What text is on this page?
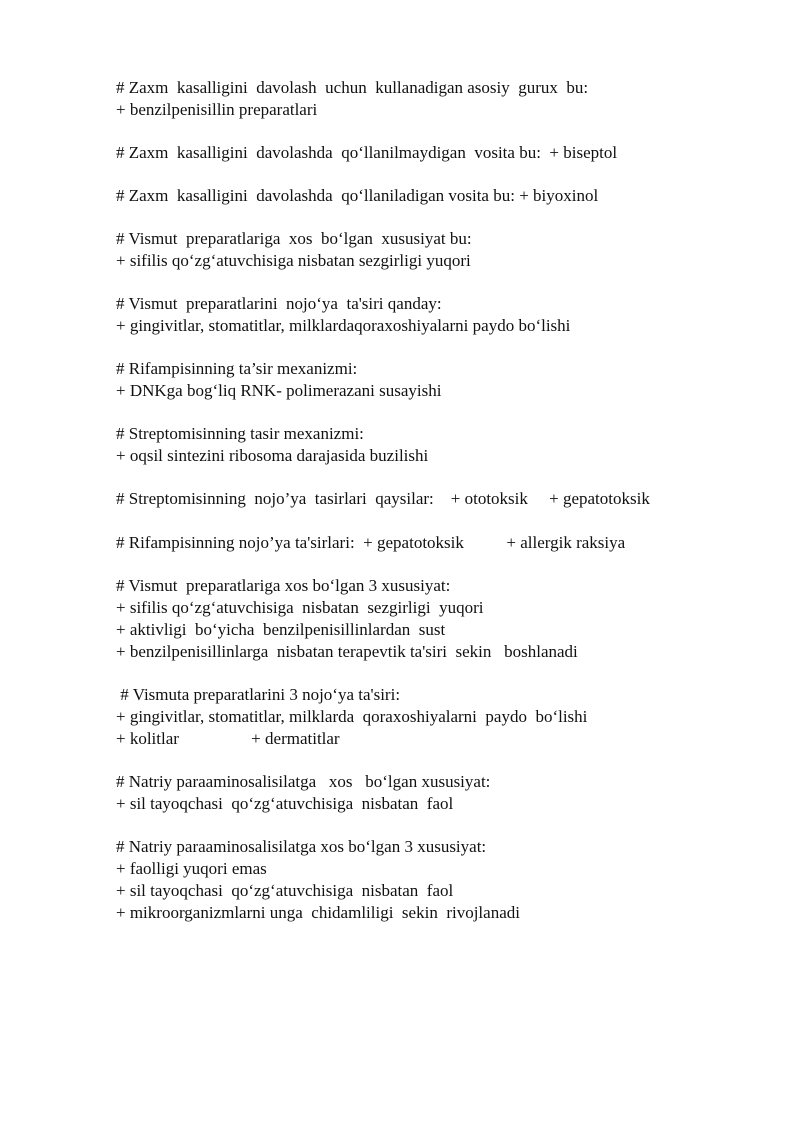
# Zaxm  kasalligini  davolash  uchun  kullanadigan asosiy  gurux  bu:
+ benzilpenisillin preparatlari
# Zaxm  kasalligini  davolashda  qo‘llanilmaydigan  vosita bu:  + biseptol
# Zaxm  kasalligini  davolashda  qo‘llaniladigan vosita bu: + biyoxinol
# Vismut  preparatlariga  xos  bo‘lgan  xususiyat bu:
+ sifilis qo‘zg‘atuvchisiga nisbatan sezgirligi yuqori
# Vismut  preparatlarini  nojo‘ya  ta'siri qanday:
+ gingivitlar, stomatitlar, milklardaqoraxoshiyalarni paydo bo‘lishi
# Rifampisinning ta’sir mexanizmi:
+ DNKga bog‘liq RNK- polimerazani susayishi
# Streptomisinning tasir mexanizmi:
+ oqsil sintezini ribosoma darajasida buzilishi
# Streptomisinning  nojo’ya  tasirlari  qaysilar:    + ototoksik     + gepatotoksik
# Rifampisinning nojo’ya ta'sirlari:  + gepatotoksik          + allergik raksiya
# Vismut  preparatlariga xos bo‘lgan 3 xususiyat:
+ sifilis qo‘zg‘atuvchisiga  nisbatan  sezgirligi  yuqori
+ aktivligi  bo‘yicha  benzilpenisillinlardan  sust
+ benzilpenisillinlarga  nisbatan terapevtik ta'siri  sekin   boshlanadi
# Vismuta preparatlarini 3 nojo‘ya ta'siri:
+ gingivitlar, stomatitlar, milklarda  qoraxoshiyalarni  paydo  bo‘lishi
+ kolitlar                 + dermatitlar
# Natriy paraaminosalisilatga   xos   bo‘lgan xususiyat:
+ sil tayoqchasi  qo‘zg‘atuvchisiga  nisbatan  faol
# Natriy paraaminosalisilatga xos bo‘lgan 3 xususiyat:
+ faolligi yuqori emas
+ sil tayoqchasi  qo‘zg‘atuvchisiga  nisbatan  faol
+ mikroorganizmlarni unga  chidamliligi  sekin  rivojlanadi
